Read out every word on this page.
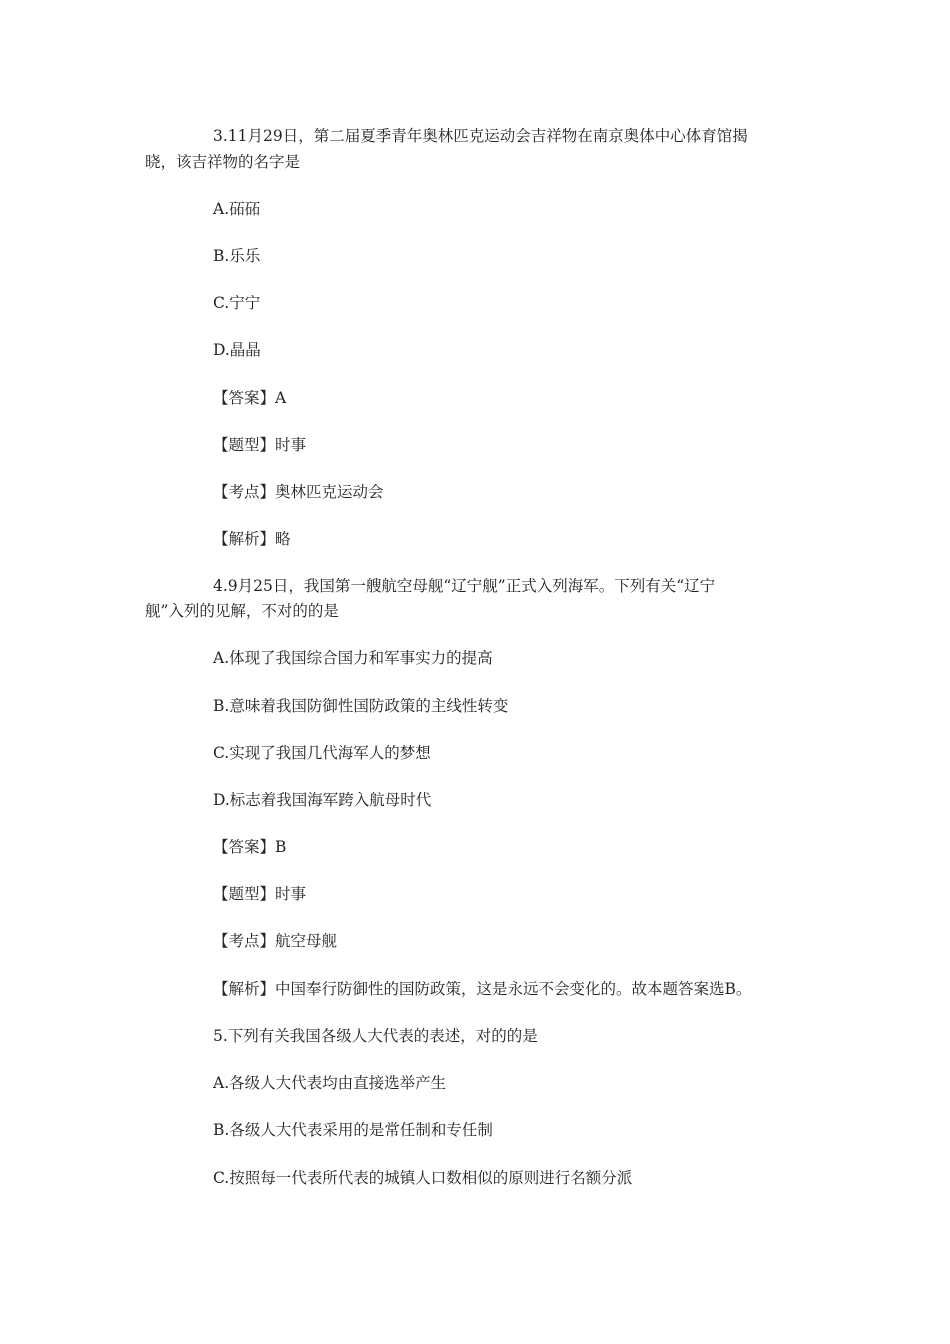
3.11月29日，第二届夏季青年奥林匹克运动会吉祥物在南京奥体中心体育馆揭
晓，该吉祥物的名字是
A.砳砳
B.乐乐
C.宁宁
D.晶晶
【答案】A
【题型】时事
【考点】奥林匹克运动会
【解析】略
4.9月25日，我国第一艘航空母舰“辽宁舰”正式入列海军。下列有关“辽宁
舰”入列的见解，不对的的是
A.体现了我国综合国力和军事实力的提高
B.意味着我国防御性国防政策的主线性转变
C.实现了我国几代海军人的梦想
D.标志着我国海军跨入航母时代
【答案】B
【题型】时事
【考点】航空母舰
【解析】中国奉行防御性的国防政策，这是永远不会变化的。故本题答案选B。
5.下列有关我国各级人大代表的表述，对的的是
A.各级人大代表均由直接选举产生
B.各级人大代表采用的是常任制和专任制
C.按照每一代表所代表的城镇人口数相似的原则进行名额分派
